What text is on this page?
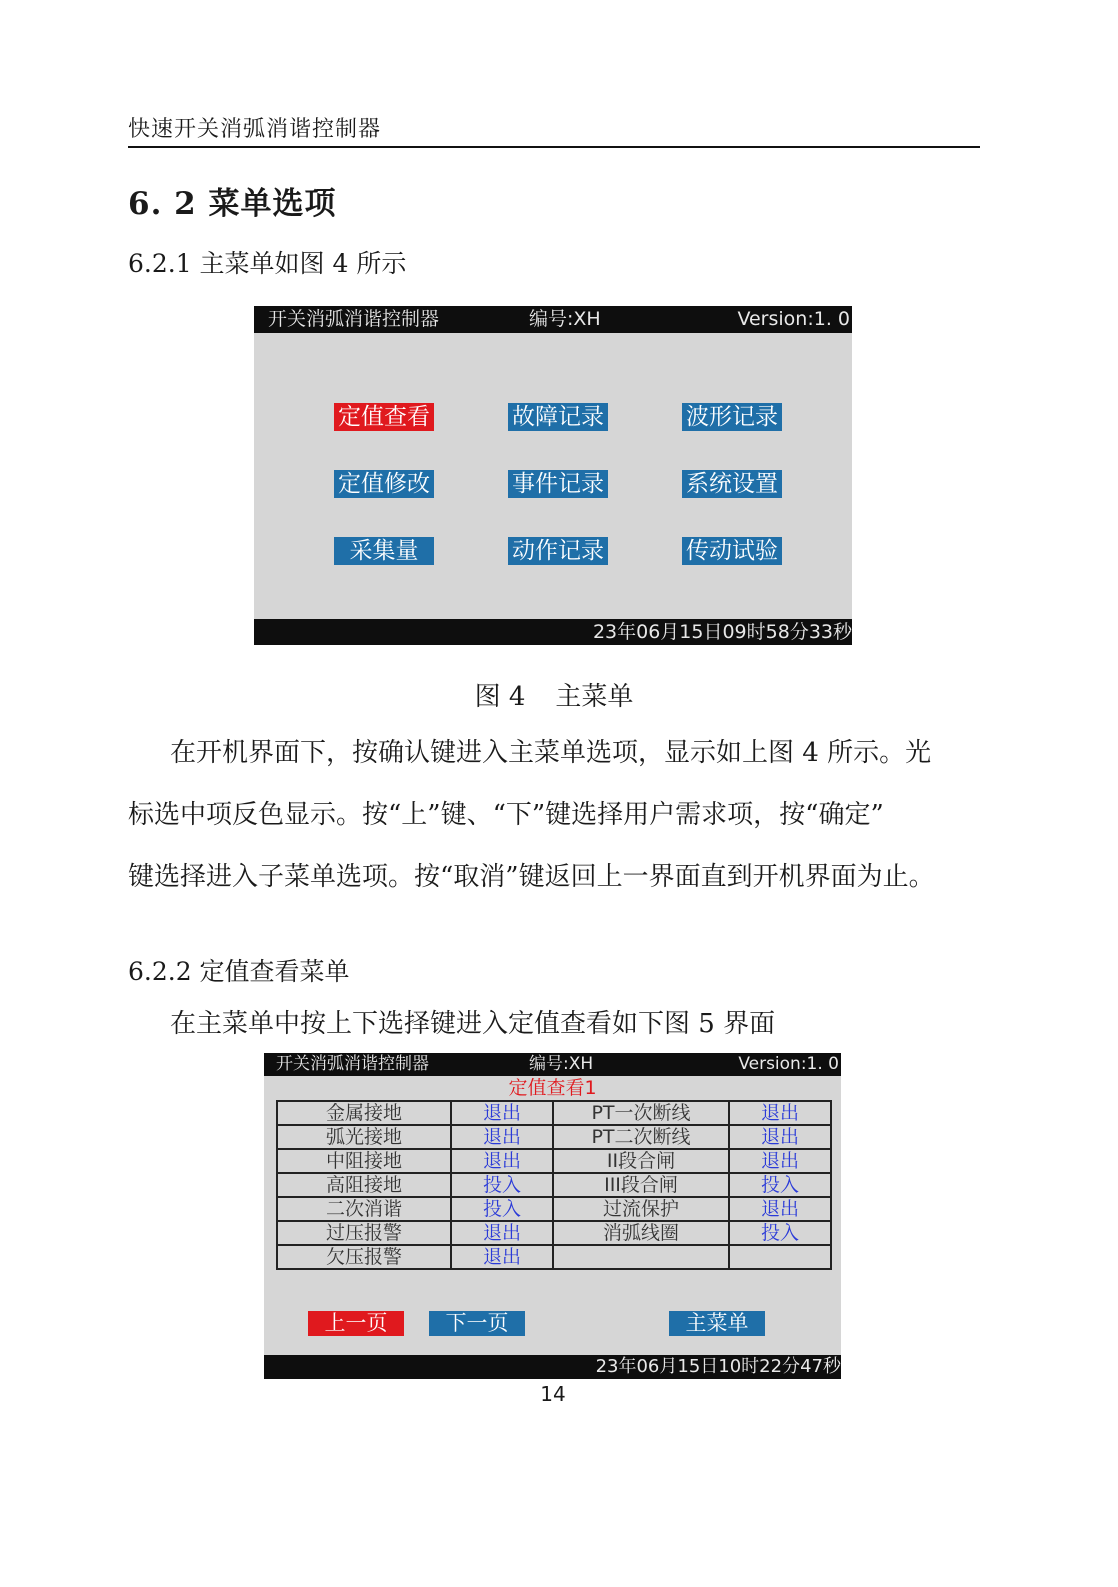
快速开关消弧消谐控制器
6. 2 菜单选项
6.2.1 主菜单如图 4 所示
开关消弧消谐控制器	编号:XH	Version:1. 0
定值查看	故障记录	波形记录
定值修改	事件记录	系统设置
采集量	动作记录	传动试验
23年06月15日09时58分33秒
图 4 主菜单
在开机界面下，按确认键进入主菜单选项，显示如上图 4 所示。光
标选中项反色显示。按“上”键、“下”键选择用户需求项，按“确定”
键选择进入子菜单选项。按“取消”键返回上一界面直到开机界面为止。
6.2.2 定值查看菜单
在主菜单中按上下选择键进入定值查看如下图 5 界面
开关消弧消谐控制器	编号:XH	Version:1. 0
定值查看1
金属接地	退出	PT一次断线	退出
弧光接地	退出	PT二次断线	退出
中阻接地	退出	II段合闸	退出
高阻接地	投入	III段合闸	投入
二次消谐	投入	过流保护	退出
过压报警	退出	消弧线圈	投入
欠压报警	退出		
上一页	下一页	主菜单
23年06月15日10时22分47秒
14
